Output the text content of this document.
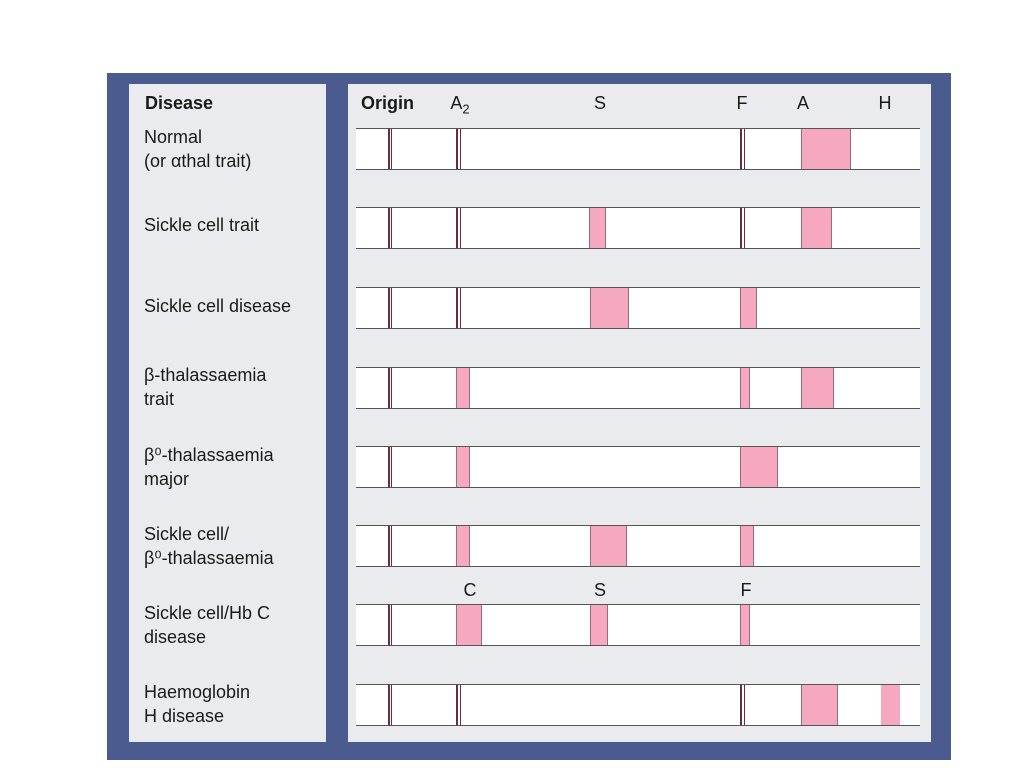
Disease	Origin	$A_2$	S	F	A	H
C	S	F
Normal
(or αthal trait)
Sickle cell trait
Sickle cell disease
β-thalassaemia
trait
β⁰-thalassaemia
major
Sickle cell/
β⁰-thalassaemia
Sickle cell/Hb C
disease
Haemoglobin
H disease
